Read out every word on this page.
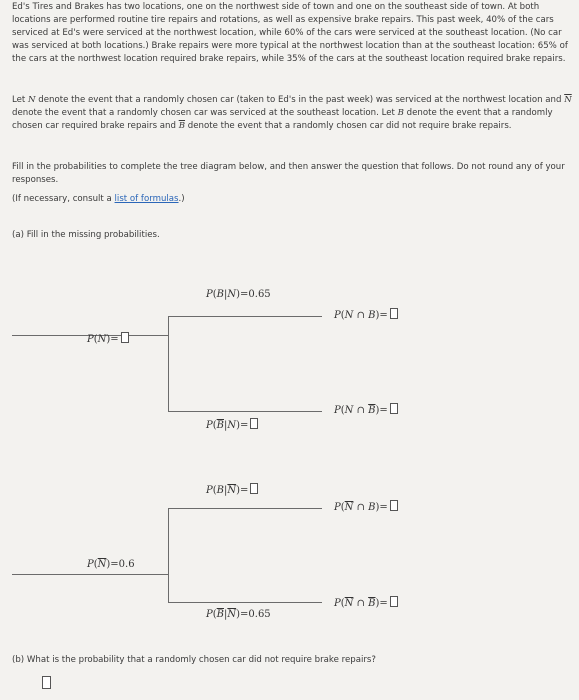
Ed's Tires and Brakes has two locations, one on the northwest side of town and one on the southeast side of town. At both locations are performed routine tire repairs and rotations, as well as expensive brake repairs. This past week, 40% of the cars serviced at Ed's were serviced at the northwest location, while 60% of the cars were serviced at the southeast location. (No car was serviced at both locations.) Brake repairs were more typical at the northwest location than at the southeast location: 65% of the cars at the northwest location required brake repairs, while 35% of the cars at the southeast location required brake repairs.
Let N denote the event that a randomly chosen car (taken to Ed's in the past week) was serviced at the northwest location and $\overline{N}$ denote the event that a randomly chosen car was serviced at the southeast location. Let B denote the event that a randomly chosen car required brake repairs and $\overline{B}$ denote the event that a randomly chosen car did not require brake repairs.
Fill in the probabilities to complete the tree diagram below, and then answer the question that follows. Do not round any of your responses.
(If necessary, consult a list of formulas.)
(a) Fill in the missing probabilities.
P(N)=
$P(\overline{N})=0.6$
P(B|N)=0.65
$P(\overline{B}|N)=$
$P(B|\overline{N})=$
$P(\overline{B}|\overline{N})=0.65$
P(N ∩ B)=
P(N ∩ $\overline{B})=$
$P(\overline{N}$ ∩ B)=
$P(\overline{N}$ ∩ $\overline{B})=$
(b) What is the probability that a randomly chosen car did not require brake repairs?
